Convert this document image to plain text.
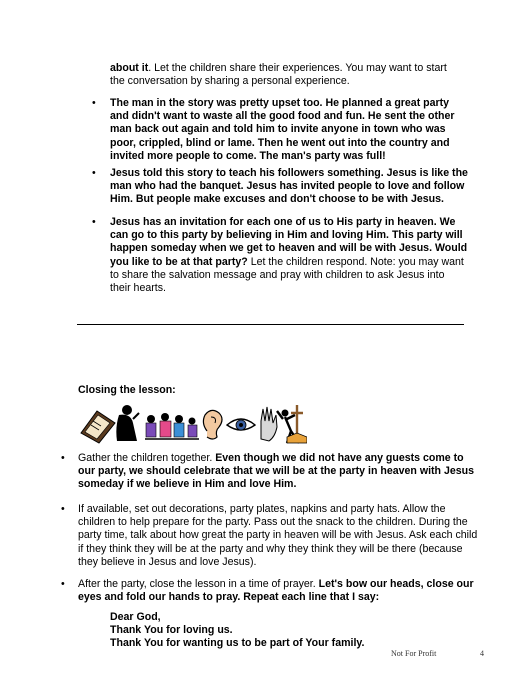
about it. Let the children share their experiences. You may want to start the conversation by sharing a personal experience.

• The man in the story was pretty upset too. He planned a great party and didn't want to waste all the good food and fun. He sent the other man back out again and told him to invite anyone in town who was poor, crippled, blind or lame. Then he went out into the country and invited more people to come. The man's party was full!

• Jesus told this story to teach his followers something. Jesus is like the man who had the banquet. Jesus has invited people to love and follow Him. But people make excuses and don't choose to be with Jesus.

• Jesus has an invitation for each one of us to His party in heaven. We can go to this party by believing in Him and loving Him. This party will happen someday when we get to heaven and will be with Jesus. Would you like to be at that party? Let the children respond. Note: you may want to share the salvation message and pray with children to ask Jesus into their hearts.

Closing the lesson:

• Gather the children together. Even though we did not have any guests come to our party, we should celebrate that we will be at the party in heaven with Jesus someday if we believe in Him and love Him.

• If available, set out decorations, party plates, napkins and party hats. Allow the children to help prepare for the party. Pass out the snack to the children. During the party time, talk about how great the party in heaven will be with Jesus. Ask each child if they think they will be at the party and why they think they will be there (because they believe in Jesus and love Jesus).

• After the party, close the lesson in a time of prayer. Let's bow our heads, close our eyes and fold our hands to pray. Repeat each line that I say:

Dear God,

Thank You for loving us.

Thank You for wanting us to be part of Your family.

Not For Profit	4
